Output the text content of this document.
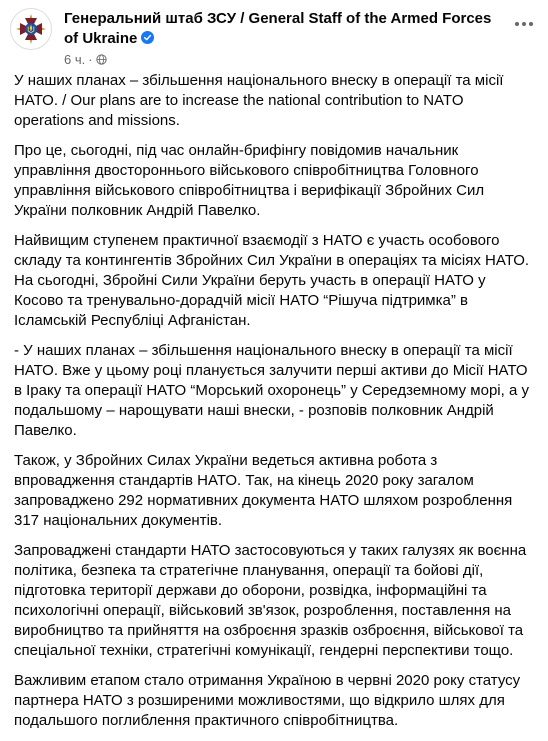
Генеральний штаб ЗСУ / General Staff of the Armed Forces of Ukraine
6 ч. ·

У наших планах – збільшення національного внеску в операції та місії НАТО. / Our plans are to increase the national contribution to NATO operations and missions.

Про це, сьогодні, під час онлайн-брифінгу повідомив начальник управління двостороннього військового співробітництва Головного управління військового співробітництва і верифікації Збройних Сил України полковник Андрій Павелко.

Найвищим ступенем практичної взаємодії з НАТО є участь особового складу та контингентів Збройних Сил України в операціях та місіях НАТО. На сьогодні, Збройні Сили України беруть участь в операції НАТО у Косово та тренувально-дорадчій місії НАТО “Рішуча підтримка” в Ісламській Республіці Афганістан.

- У наших планах – збільшення національного внеску в операції та місії НАТО. Вже у цьому році планується залучити перші активи до Місії НАТО в Іраку та операції НАТО “Морський охоронець” у Середземному морі, а у подальшому – нарощувати наші внески, - розповів полковник Андрій Павелко.

Також, у Збройних Силах України ведеться активна робота з впровадження стандартів НАТО. Так, на кінець 2020 року загалом запроваджено 292 нормативних документа НАТО шляхом розроблення 317 національних документів.

Запроваджені стандарти НАТО застосовуються у таких галузях як воєнна політика, безпека та стратегічне планування, операції та бойові дії, підготовка території держави до оборони, розвідка, інформаційні та психологічні операції, військовий зв'язок, розроблення, поставлення на виробництво та прийняття на озброєння зразків озброєння, військової та спеціальної техніки, стратегічні комунікації, гендерні перспективи тощо.

Важливим етапом стало отримання Україною в червні 2020 року статусу партнера НАТО з розширеними можливостями, що відкрило шлях для подальшого поглиблення практичного співробітництва.
